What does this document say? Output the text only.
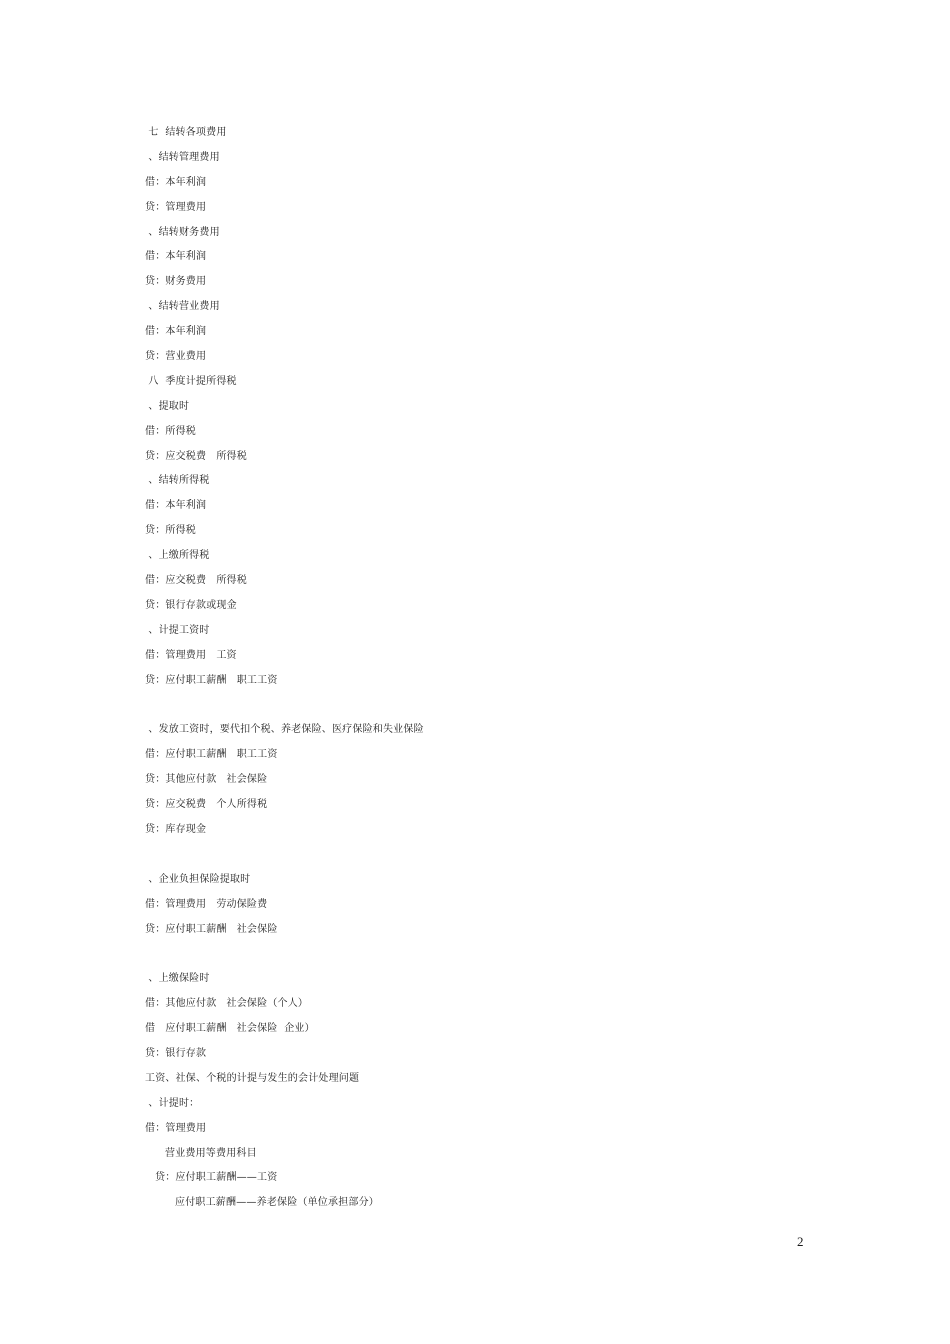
七  结转各项费用
、结转管理费用
借：本年利润
贷：管理费用
、结转财务费用
借：本年利润
贷：财务费用
、结转营业费用
借：本年利润
贷：营业费用
八  季度计提所得税
、提取时
借：所得税
贷：应交税费   所得税
、结转所得税
借：本年利润
贷：所得税
、上缴所得税
借：应交税费   所得税
贷：银行存款或现金
、计提工资时
借：管理费用   工资
贷：应付职工薪酬   职工工资
、发放工资时，要代扣个税、养老保险、医疗保险和失业保险
借：应付职工薪酬   职工工资
贷：其他应付款   社会保险
贷：应交税费   个人所得税
贷：库存现金
、企业负担保险提取时
借：管理费用   劳动保险费
贷：应付职工薪酬   社会保险
、上缴保险时
借：其他应付款   社会保险（个人）
借   应付职工薪酬   社会保险  企业）
贷：银行存款
工资、社保、个税的计提与发生的会计处理问题
、计提时：
借：管理费用
营业费用等费用科目
贷：应付职工薪酬——工资
应付职工薪酬——养老保险（单位承担部分）
2
